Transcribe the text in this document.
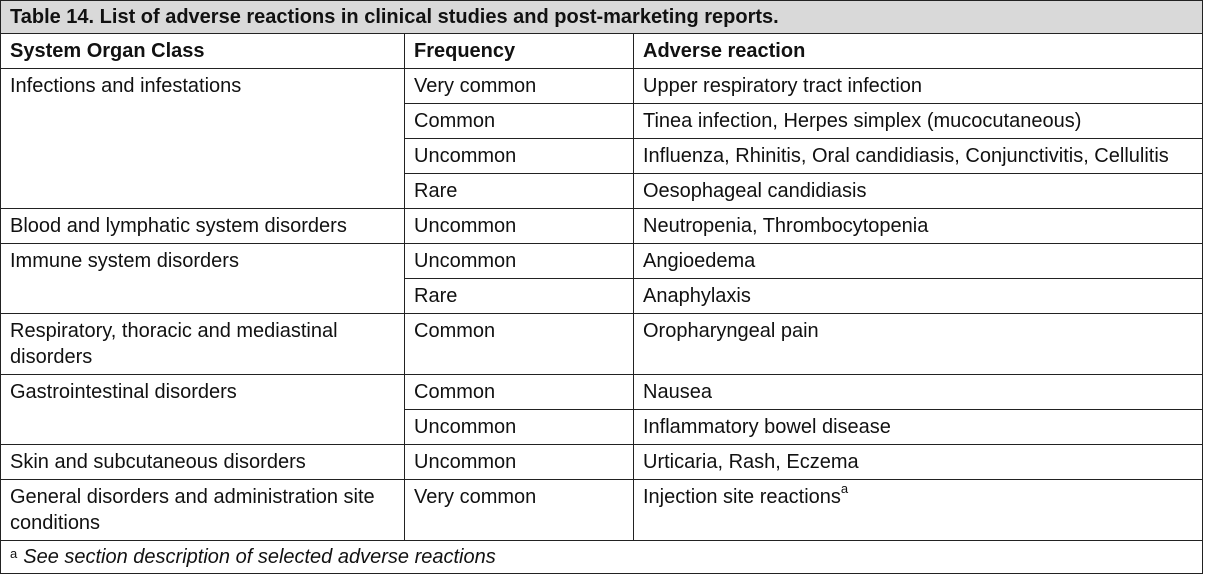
Table 14. List of adverse reactions in clinical studies and post-marketing reports.		
System Organ Class	Frequency	Adverse reaction
Infections and infestations	Very common	Upper respiratory tract infection
	Common	Tinea infection, Herpes simplex (mucocutaneous)
	Uncommon	Influenza, Rhinitis, Oral candidiasis, Conjunctivitis, Cellulitis
	Rare	Oesophageal candidiasis
Blood and lymphatic system disorders	Uncommon	Neutropenia, Thrombocytopenia
Immune system disorders	Uncommon	Angioedema
	Rare	Anaphylaxis
Respiratory, thoracic and mediastinal disorders	Common	Oropharyngeal pain
Gastrointestinal disorders	Common	Nausea
	Uncommon	Inflammatory bowel disease
Skin and subcutaneous disorders	Uncommon	Urticaria, Rash, Eczema
General disorders and administration site conditions	Very common	Injection site reactions$^a$
$^a$ See section description of selected adverse reactions		
